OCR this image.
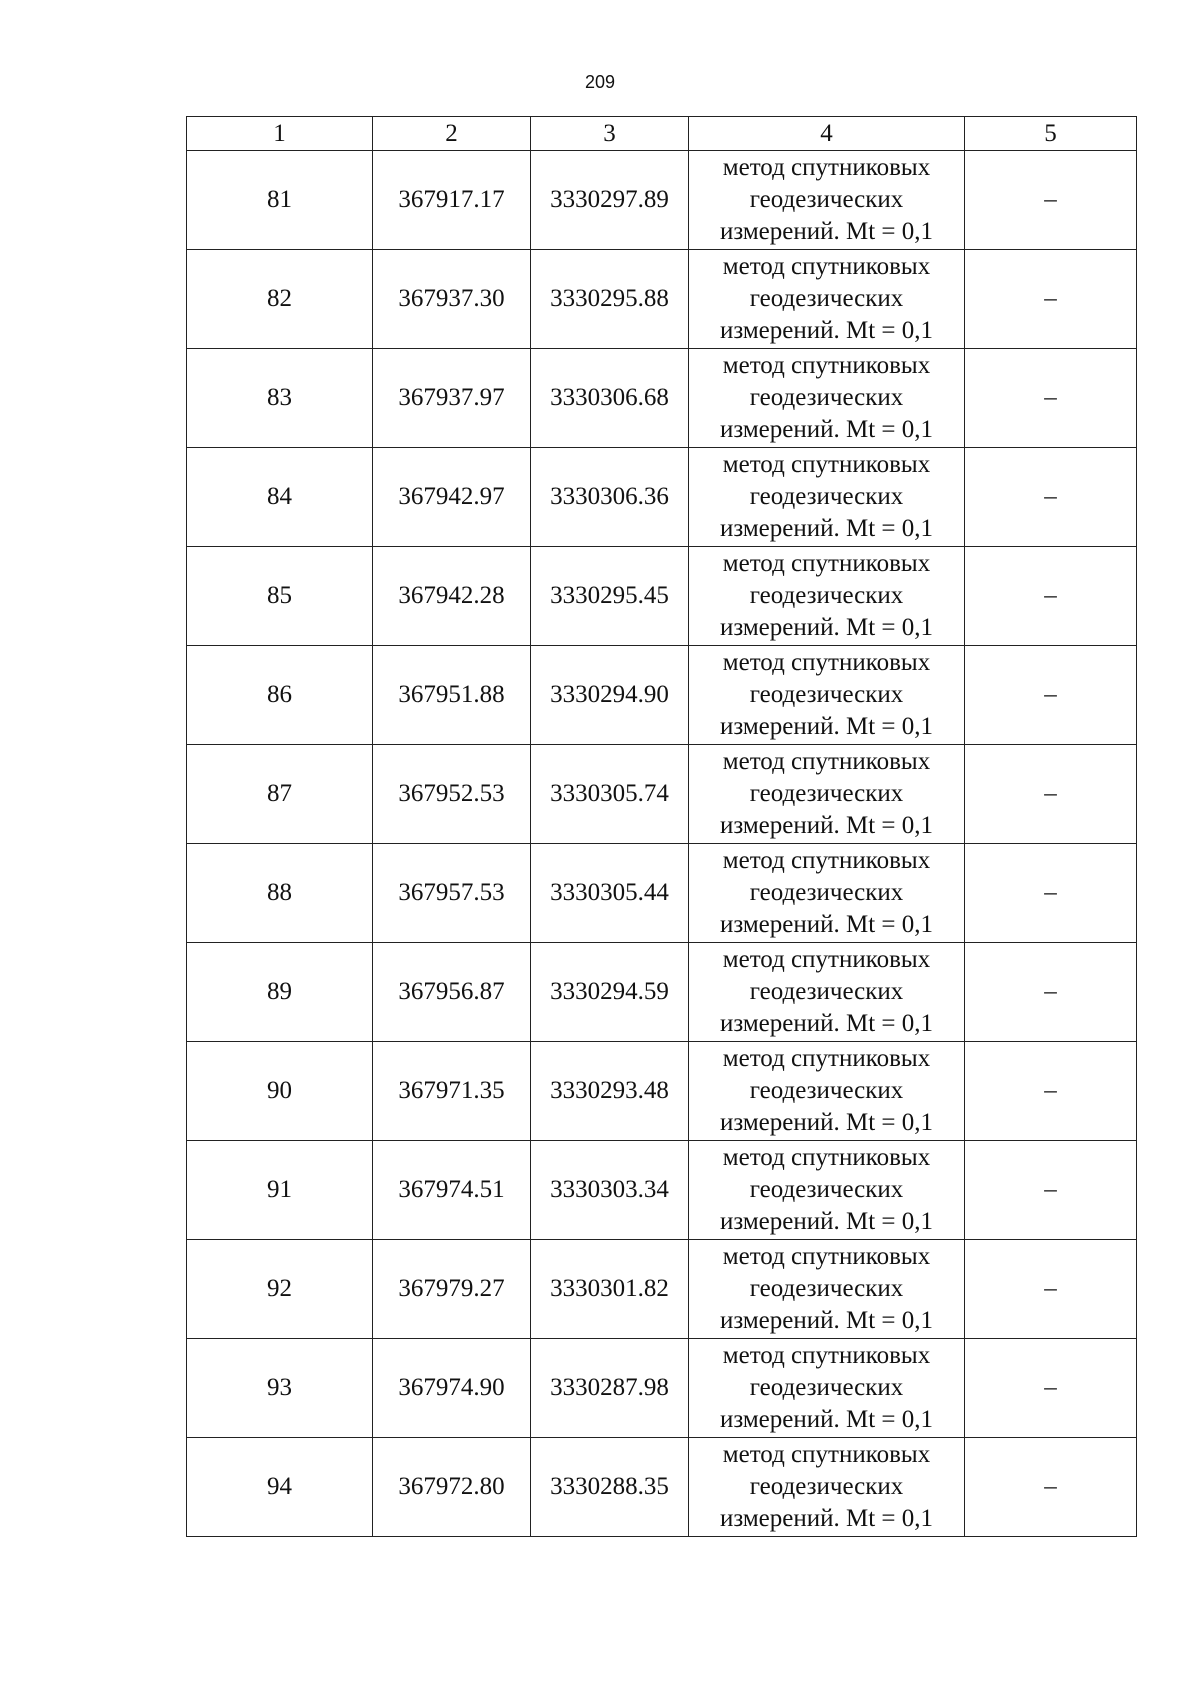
209
1	2	3	4	5
81	367917.17	3330297.89	метод спутниковых
геодезических
измерений. Mt = 0,1	–
82	367937.30	3330295.88	метод спутниковых
геодезических
измерений. Mt = 0,1	–
83	367937.97	3330306.68	метод спутниковых
геодезических
измерений. Mt = 0,1	–
84	367942.97	3330306.36	метод спутниковых
геодезических
измерений. Mt = 0,1	–
85	367942.28	3330295.45	метод спутниковых
геодезических
измерений. Mt = 0,1	–
86	367951.88	3330294.90	метод спутниковых
геодезических
измерений. Mt = 0,1	–
87	367952.53	3330305.74	метод спутниковых
геодезических
измерений. Mt = 0,1	–
88	367957.53	3330305.44	метод спутниковых
геодезических
измерений. Mt = 0,1	–
89	367956.87	3330294.59	метод спутниковых
геодезических
измерений. Mt = 0,1	–
90	367971.35	3330293.48	метод спутниковых
геодезических
измерений. Mt = 0,1	–
91	367974.51	3330303.34	метод спутниковых
геодезических
измерений. Mt = 0,1	–
92	367979.27	3330301.82	метод спутниковых
геодезических
измерений. Mt = 0,1	–
93	367974.90	3330287.98	метод спутниковых
геодезических
измерений. Mt = 0,1	–
94	367972.80	3330288.35	метод спутниковых
геодезических
измерений. Mt = 0,1	–
